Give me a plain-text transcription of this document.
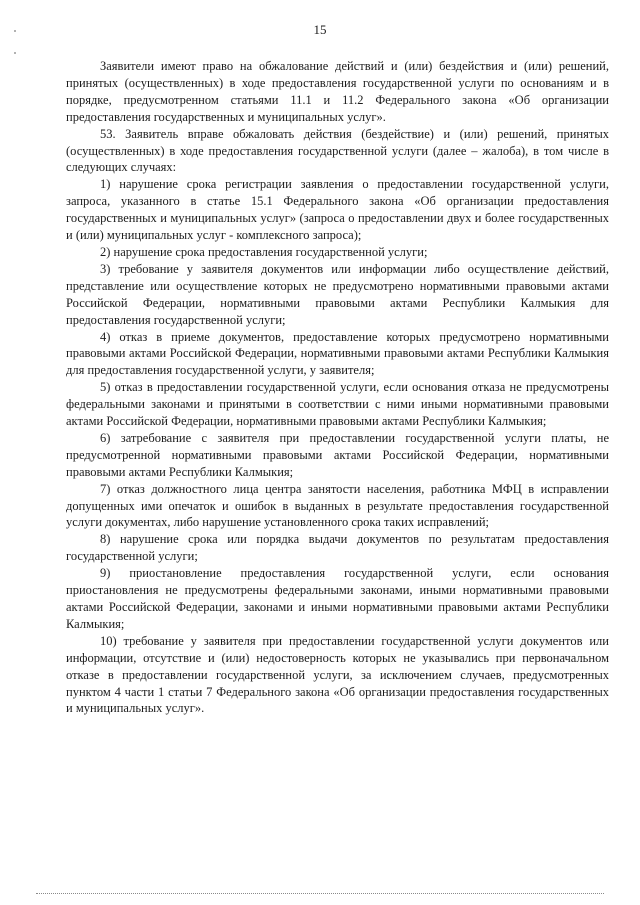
15

Заявители имеют право на обжалование действий и (или) бездействия и (или) решений, принятых (осуществленных) в ходе предоставления государственной услуги по основаниям и в порядке, предусмотренном статьями 11.1 и 11.2 Федерального закона «Об организации предоставления государственных и муниципальных услуг».

53. Заявитель вправе обжаловать действия (бездействие) и (или) решений, принятых (осуществленных) в ходе предоставления государственной услуги (далее – жалоба), в том числе в следующих случаях:

1) нарушение срока регистрации заявления о предоставлении государственной услуги, запроса, указанного в статье 15.1 Федерального закона «Об организации предоставления государственных и муниципальных услуг» (запроса о предоставлении двух и более государственных и (или) муниципальных услуг - комплексного запроса);

2) нарушение срока предоставления государственной услуги;

3) требование у заявителя документов или информации либо осуществление действий, представление или осуществление которых не предусмотрено нормативными правовыми актами Российской Федерации, нормативными правовыми актами Республики Калмыкия для предоставления государственной услуги;

4) отказ в приеме документов, предоставление которых предусмотрено нормативными правовыми актами Российской Федерации, нормативными правовыми актами Республики Калмыкия для предоставления государственной услуги, у заявителя;

5) отказ в предоставлении государственной услуги, если основания отказа не предусмотрены федеральными законами и принятыми в соответствии с ними иными нормативными правовыми актами Российской Федерации, нормативными правовыми актами Республики Калмыкия;

6) затребование с заявителя при предоставлении государственной услуги платы, не предусмотренной нормативными правовыми актами Российской Федерации, нормативными правовыми актами Республики Калмыкия;

7) отказ должностного лица центра занятости населения, работника МФЦ в исправлении допущенных ими опечаток и ошибок в выданных в результате предоставления государственной услуги документах, либо нарушение установленного срока таких исправлений;

8) нарушение срока или порядка выдачи документов по результатам предоставления государственной услуги;

9) приостановление предоставления государственной услуги, если основания приостановления не предусмотрены федеральными законами, иными нормативными правовыми актами Российской Федерации, законами и иными нормативными правовыми актами Республики Калмыкия;

10) требование у заявителя при предоставлении государственной услуги документов или информации, отсутствие и (или) недостоверность которых не указывались при первоначальном отказе в предоставлении государственной услуги, за исключением случаев, предусмотренных пунктом 4 части 1 статьи 7 Федерального закона «Об организации предоставления государственных и муниципальных услуг».
